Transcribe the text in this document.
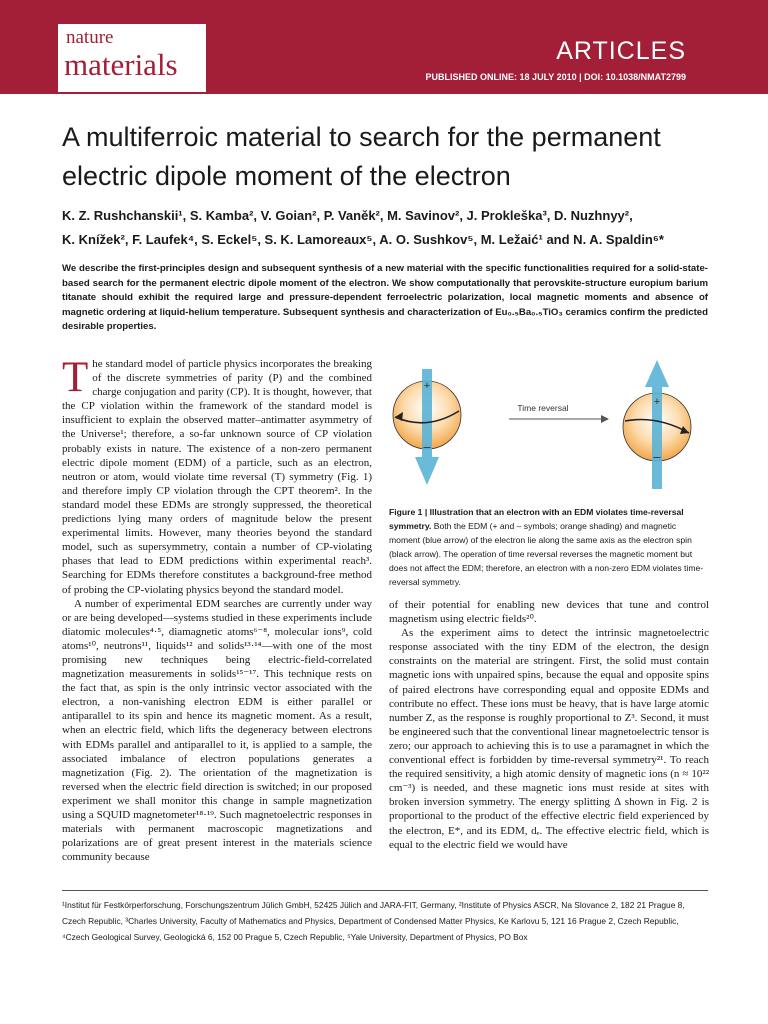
nature
materials	ARTICLES
PUBLISHED ONLINE: 18 JULY 2010 | DOI: 10.1038/NMAT2799
A multiferroic material to search for the permanent electric dipole moment of the electron
K. Z. Rushchanskii¹, S. Kamba², V. Goian², P. Vaněk², M. Savinov², J. Prokleška³, D. Nuzhnyy²,
K. Knížek², F. Laufek⁴, S. Eckel⁵, S. K. Lamoreaux⁵, A. O. Sushkov⁵, M. Ležaić¹ and N. A. Spaldin⁶*
We describe the first-principles design and subsequent synthesis of a new material with the specific functionalities required for a solid-state-based search for the permanent electric dipole moment of the electron. We show computationally that perovskite-structure europium barium titanate should exhibit the required large and pressure-dependent ferroelectric polarization, local magnetic moments and absence of magnetic ordering at liquid-helium temperature. Subsequent synthesis and characterization of Eu₀.₅Ba₀.₅TiO₃ ceramics confirm the predicted desirable properties.

The standard model of particle physics incorporates the breaking of the discrete symmetries of parity (P) and the combined charge conjugation and parity (CP). It is thought, however, that the CP violation within the framework of the standard model is insufficient to explain the observed matter–antimatter asymmetry of the Universe¹; therefore, a so-far unknown source of CP violation probably exists in nature. The existence of a non-zero permanent electric dipole moment (EDM) of a particle, such as an electron, neutron or atom, would violate time reversal (T) symmetry (Fig. 1) and therefore imply CP violation through the CPT theorem². In the standard model these EDMs are strongly suppressed, the theoretical predictions lying many orders of magnitude below the present experimental limits. However, many theories beyond the standard model, such as supersymmetry, contain a number of CP-violating phases that lead to EDM predictions within experimental reach³. Searching for EDMs therefore constitutes a background-free method of probing the CP-violating physics beyond the standard model.

A number of experimental EDM searches are currently under way or are being developed—systems studied in these experiments include diatomic molecules⁴·⁵, diamagnetic atoms⁶⁻⁸, molecular ions⁹, cold atoms¹⁰, neutrons¹¹, liquids¹² and solids¹³·¹⁴—with one of the most promising new techniques being electric-field-correlated magnetization measurements in solids¹⁵⁻¹⁷. This technique rests on the fact that, as spin is the only intrinsic vector associated with the electron, a non-vanishing electron EDM is either parallel or antiparallel to its spin and hence its magnetic moment. As a result, when an electric field, which lifts the degeneracy between electrons with EDMs parallel and antiparallel to it, is applied to a sample, the associated imbalance of electron populations generates a magnetization (Fig. 2). The orientation of the magnetization is reversed when the electric field direction is switched; in our proposed experiment we shall monitor this change in sample magnetization using a SQUID magnetometer¹⁸·¹⁹. Such magnetoelectric responses in materials with permanent macroscopic magnetizations and polarizations are of great present interest in the materials science community because

+
–
Time reversal	+
–
Figure 1 | Illustration that an electron with an EDM violates time-reversal symmetry. Both the EDM (+ and – symbols; orange shading) and magnetic moment (blue arrow) of the electron lie along the same axis as the electron spin (black arrow). The operation of time reversal reverses the magnetic moment but does not affect the EDM; therefore, an electron with a non-zero EDM violates time-reversal symmetry.

of their potential for enabling new devices that tune and control magnetism using electric fields²⁰.

As the experiment aims to detect the intrinsic magnetoelectric response associated with the tiny EDM of the electron, the design constraints on the material are stringent. First, the solid must contain magnetic ions with unpaired spins, because the equal and opposite spins of paired electrons have corresponding equal and opposite EDMs and contribute no effect. These ions must be heavy, that is have large atomic number Z, as the response is roughly proportional to Z³. Second, it must be engineered such that the conventional linear magnetoelectric tensor is zero; our approach to achieving this is to use a paramagnet in which the conventional effect is forbidden by time-reversal symmetry²¹. To reach the required sensitivity, a high atomic density of magnetic ions (n ≈ 10²² cm⁻³) is needed, and these magnetic ions must reside at sites with broken inversion symmetry. The energy splitting Δ shown in Fig. 2 is proportional to the product of the effective electric field experienced by the electron, E*, and its EDM, dₑ. The effective electric field, which is equal to the electric field we would have

¹Institut für Festkörperforschung, Forschungszentrum Jülich GmbH, 52425 Jülich and JARA-FIT, Germany, ²Institute of Physics ASCR, Na Slovance 2, 182 21 Prague 8, Czech Republic, ³Charles University, Faculty of Mathematics and Physics, Department of Condensed Matter Physics, Ke Karlovu 5, 121 16 Prague 2, Czech Republic, ⁴Czech Geological Survey, Geologická 6, 152 00 Prague 5, Czech Republic, ⁵Yale University, Department of Physics, PO Box
